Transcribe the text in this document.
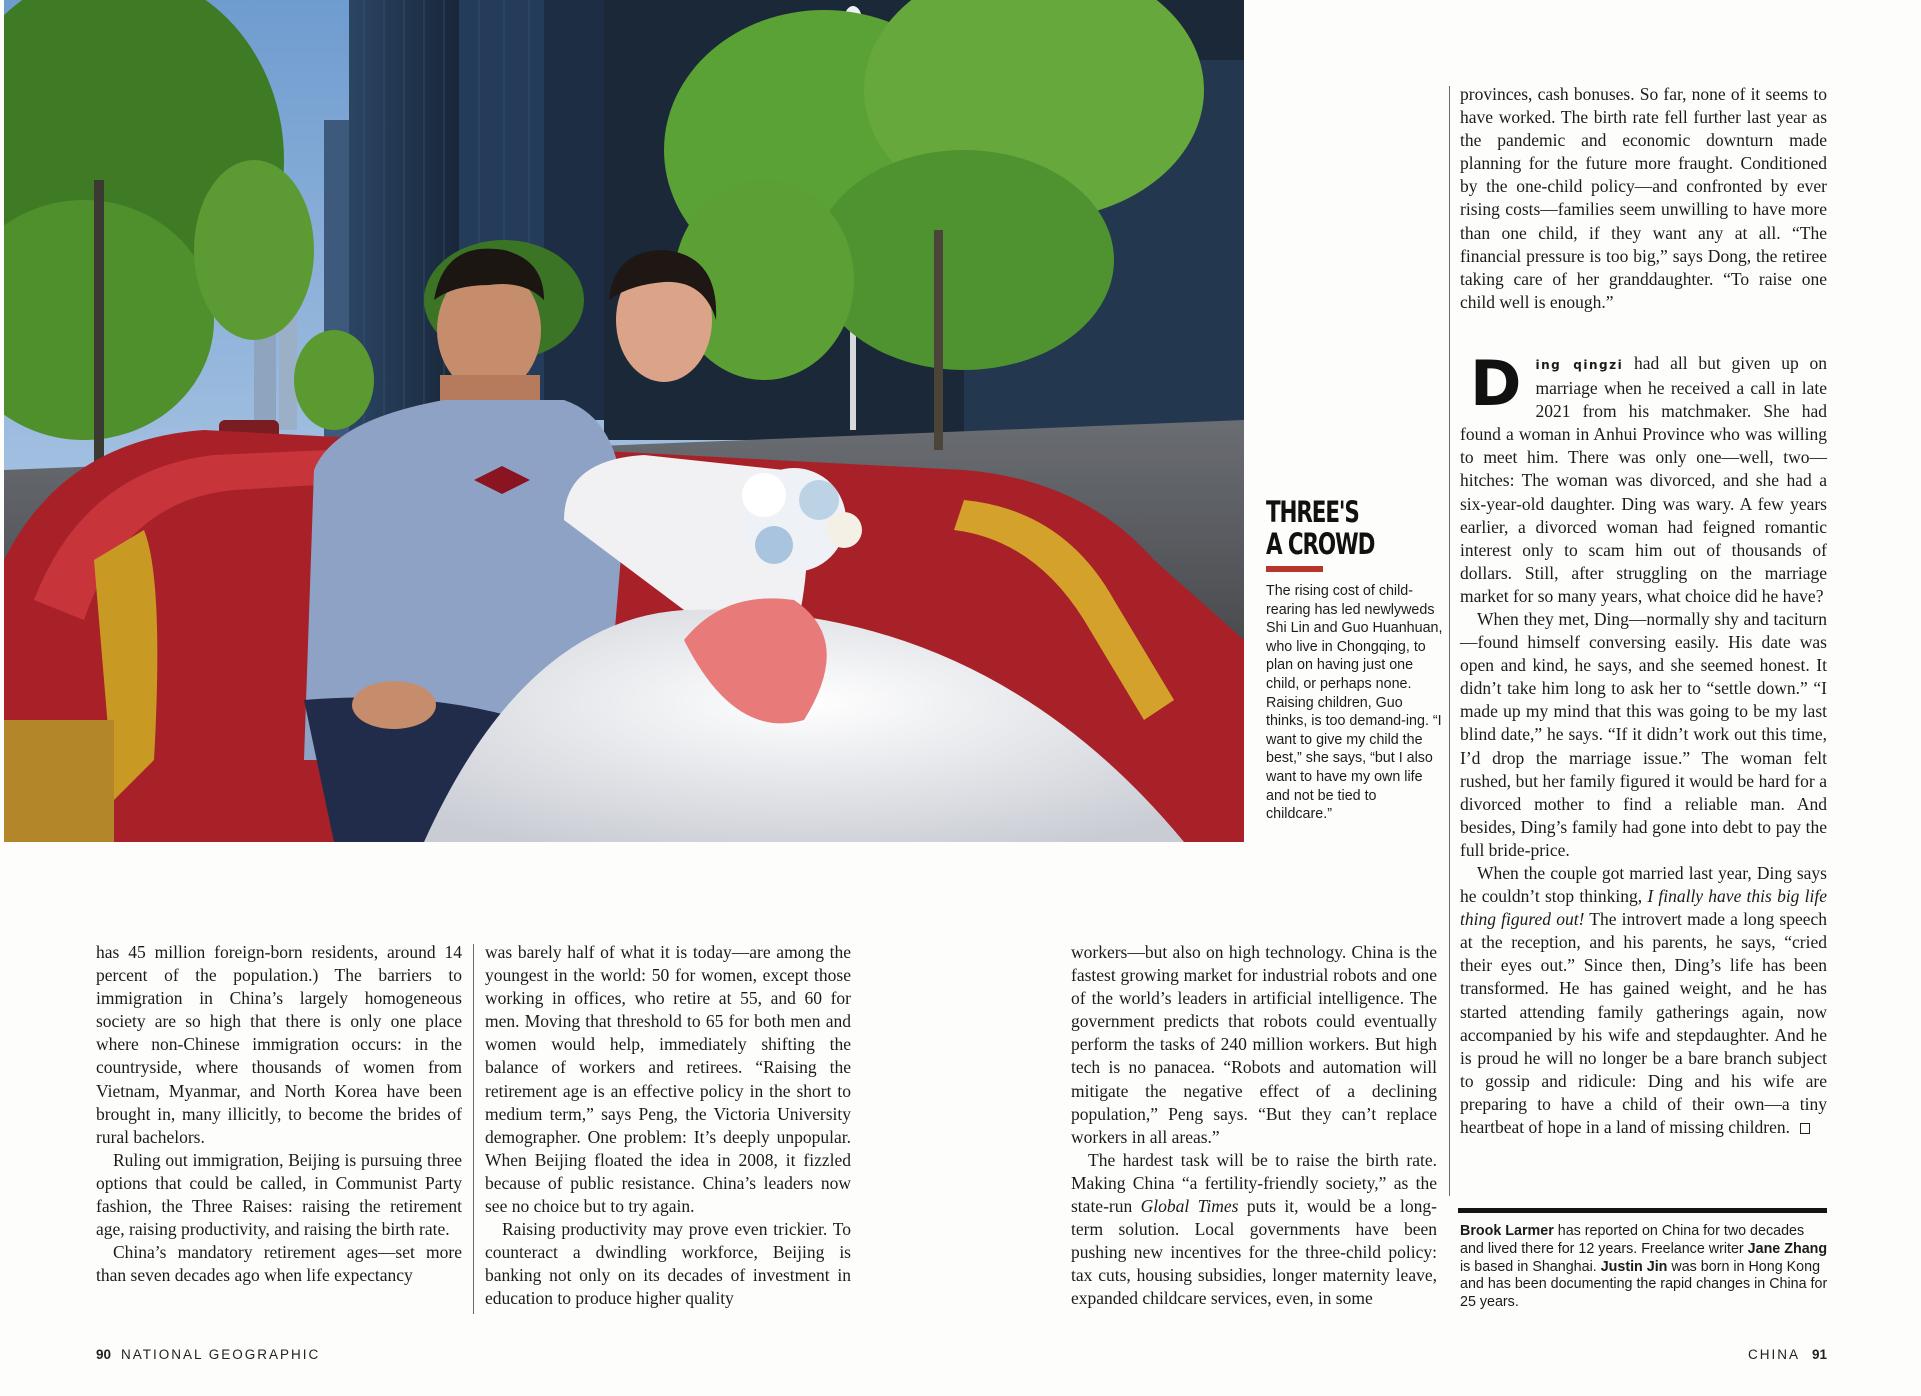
THREE'S
A CROWD
The rising cost of child-rearing has led newlyweds Shi Lin and Guo Huanhuan, who live in Chongqing, to plan on having just one child, or perhaps none. Raising children, Guo thinks, is too demand-ing. “I want to give my child the best,” she says, “but I also want to have my own life and not be tied to childcare.”

has 45 million foreign-born residents, around 14 percent of the population.) The barriers to immigration in China’s largely homogeneous society are so high that there is only one place where non-Chinese immigration occurs: in the countryside, where thousands of women from Vietnam, Myanmar, and North Korea have been brought in, many illicitly, to become the brides of rural bachelors.

Ruling out immigration, Beijing is pursuing three options that could be called, in Communist Party fashion, the Three Raises: raising the retirement age, raising productivity, and raising the birth rate.

China’s mandatory retirement ages—set more than seven decades ago when life expectancy

was barely half of what it is today—are among the youngest in the world: 50 for women, except those working in offices, who retire at 55, and 60 for men. Moving that threshold to 65 for both men and women would help, immediately shifting the balance of workers and retirees. “Raising the retirement age is an effective policy in the short to medium term,” says Peng, the Victoria University demographer. One problem: It’s deeply unpopular. When Beijing floated the idea in 2008, it fizzled because of public resistance. China’s leaders now see no choice but to try again.

Raising productivity may prove even trickier. To counteract a dwindling workforce, Beijing is banking not only on its decades of investment in education to produce higher quality

workers—but also on high technology. China is the fastest growing market for industrial robots and one of the world’s leaders in artificial intelligence. The government predicts that robots could eventually perform the tasks of 240 million workers. But high tech is no panacea. “Robots and automation will mitigate the negative effect of a declining population,” Peng says. “But they can’t replace workers in all areas.”

The hardest task will be to raise the birth rate. Making China “a fertility-friendly society,” as the state-run Global Times puts it, would be a long-term solution. Local governments have been pushing new incentives for the three-child policy: tax cuts, housing subsidies, longer maternity leave, expanded childcare services, even, in some

provinces, cash bonuses. So far, none of it seems to have worked. The birth rate fell further last year as the pandemic and economic downturn made planning for the future more fraught. Conditioned by the one-child policy—and confronted by ever rising costs—families seem unwilling to have more than one child, if they want any at all. “The financial pressure is too big,” says Dong, the retiree taking care of her granddaughter. “To raise one child well is enough.”

D ing qingzi had all but given up on marriage when he received a call in late 2021 from his matchmaker. She had found a woman in Anhui Province who was willing to meet him. There was only one—well, two—hitches: The woman was divorced, and she had a six-year-old daughter. Ding was wary. A few years earlier, a divorced woman had feigned romantic interest only to scam him out of thousands of dollars. Still, after struggling on the marriage market for so many years, what choice did he have?

When they met, Ding—normally shy and taciturn—found himself conversing easily. His date was open and kind, he says, and she seemed honest. It didn’t take him long to ask her to “settle down.” “I made up my mind that this was going to be my last blind date,” he says. “If it didn’t work out this time, I’d drop the marriage issue.” The woman felt rushed, but her family figured it would be hard for a divorced mother to find a reliable man. And besides, Ding’s family had gone into debt to pay the full bride-price.

When the couple got married last year, Ding says he couldn’t stop thinking, I finally have this big life thing figured out! The introvert made a long speech at the reception, and his parents, he says, “cried their eyes out.” Since then, Ding’s life has been transformed. He has gained weight, and he has started attending family gatherings again, now accompanied by his wife and stepdaughter. And he is proud he will no longer be a bare branch subject to gossip and ridicule: Ding and his wife are preparing to have a child of their own—a tiny heartbeat of hope in a land of missing children.

Brook Larmer has reported on China for two decades and lived there for 12 years. Freelance writer Jane Zhang is based in Shanghai. Justin Jin was born in Hong Kong and has been documenting the rapid changes in China for 25 years.
90 NATIONAL GEOGRAPHIC	CHINA 91
